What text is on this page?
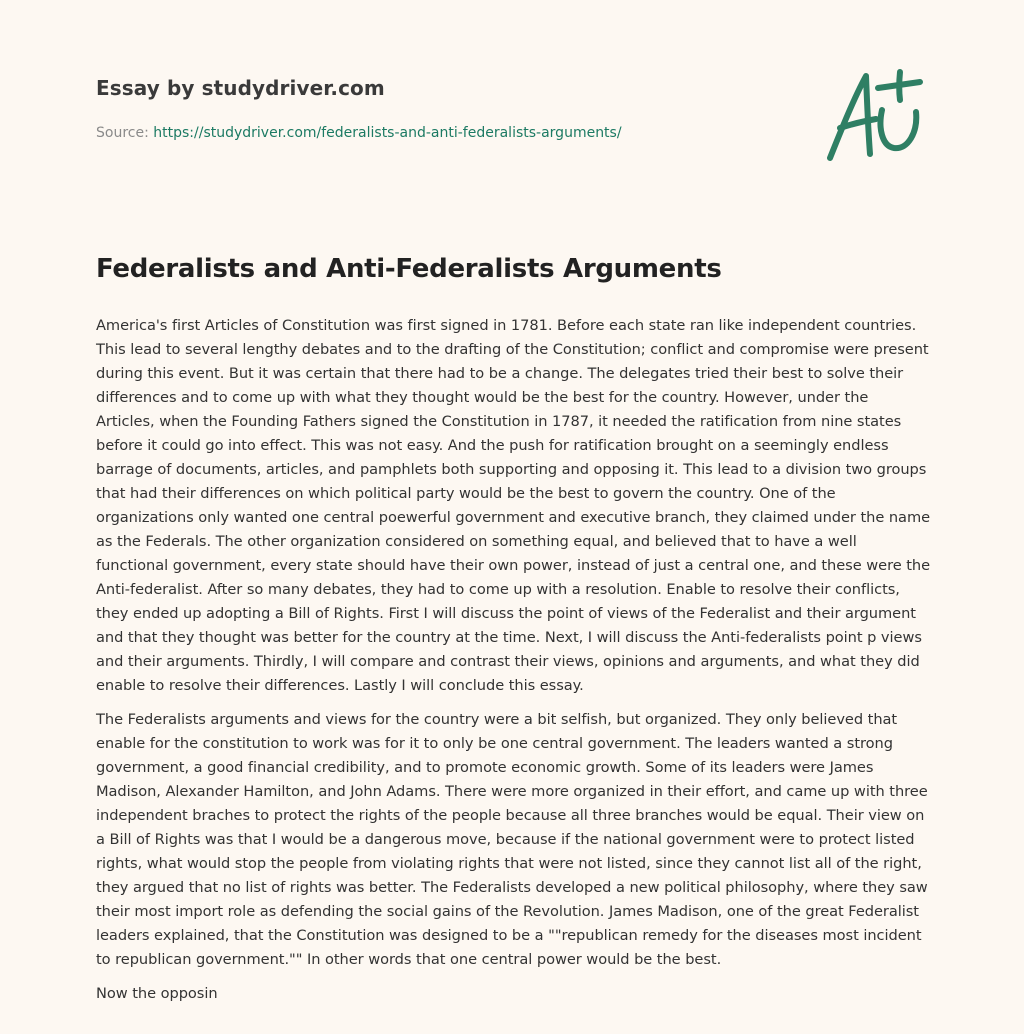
Essay by studydriver.com
Source: https://studydriver.com/federalists-and-anti-federalists-arguments/
Federalists and Anti-Federalists Arguments

America's first Articles of Constitution was first signed in 1781. Before each state ran like independent countries. This lead to several lengthy debates and to the drafting of the Constitution; conflict and compromise were present during this event. But it was certain that there had to be a change. The delegates tried their best to solve their differences and to come up with what they thought would be the best for the country. However, under the Articles, when the Founding Fathers signed the Constitution in 1787, it needed the ratification from nine states before it could go into effect. This was not easy. And the push for ratification brought on a seemingly endless barrage of documents, articles, and pamphlets both supporting and opposing it. This lead to a division two groups that had their differences on which political party would be the best to govern the country. One of the organizations only wanted one central poewerful government and executive branch, they claimed under the name as the Federals. The other organization considered on something equal, and believed that to have a well functional government, every state should have their own power, instead of just a central one, and these were the Anti-federalist. After so many debates, they had to come up with a resolution. Enable to resolve their conflicts, they ended up adopting a Bill of Rights. First I will discuss the point of views of the Federalist and their argument and that they thought was better for the country at the time. Next, I will discuss the Anti-federalists point p views and their arguments. Thirdly, I will compare and contrast their views, opinions and arguments, and what they did enable to resolve their differences. Lastly I will conclude this essay.

The Federalists arguments and views for the country were a bit selfish, but organized. They only believed that enable for the constitution to work was for it to only be one central government. The leaders wanted a strong government, a good financial credibility, and to promote economic growth. Some of its leaders were James Madison, Alexander Hamilton, and John Adams. There were more organized in their effort, and came up with three independent braches to protect the rights of the people because all three branches would be equal. Their view on a Bill of Rights was that I would be a dangerous move, because if the national government were to protect listed rights, what would stop the people from violating rights that were not listed, since they cannot list all of the right, they argued that no list of rights was better. The Federalists developed a new political philosophy, where they saw their most import role as defending the social gains of the Revolution. James Madison, one of the great Federalist leaders explained, that the Constitution was designed to be a ""republican remedy for the diseases most incident to republican government."" In other words that one central power would be the best.

Now the opposin
